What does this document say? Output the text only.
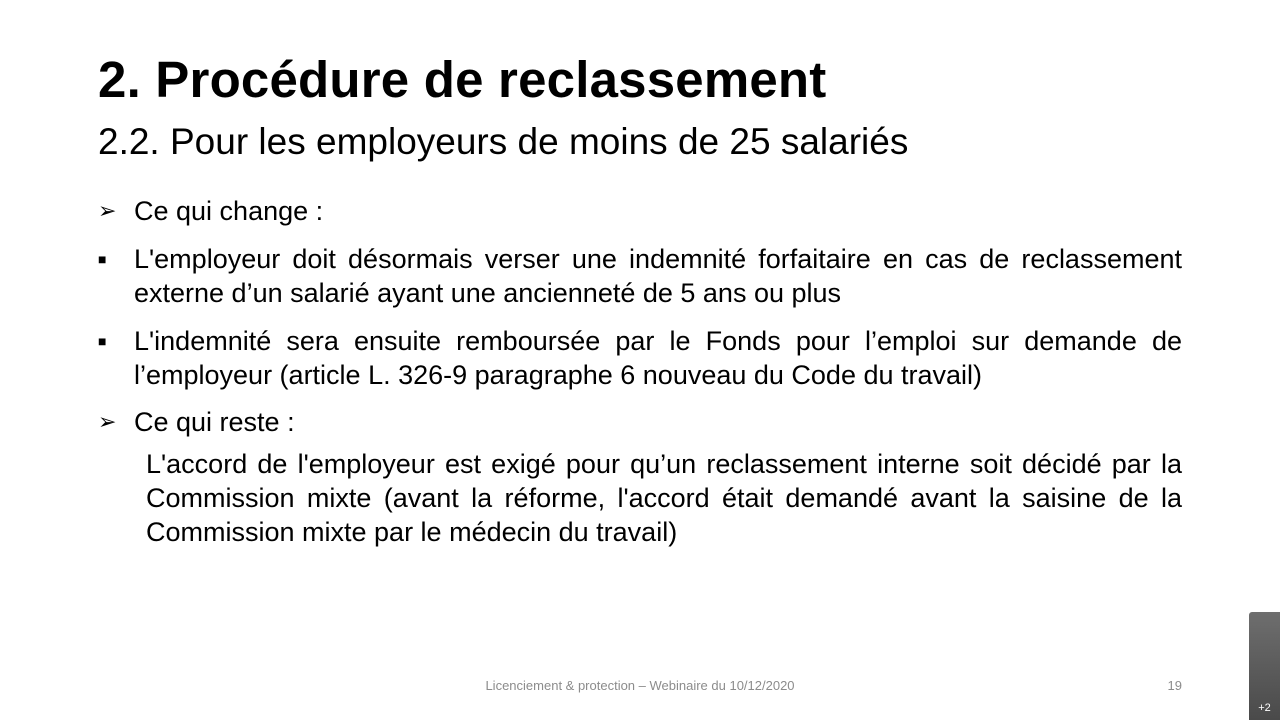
2. Procédure de reclassement
2.2. Pour les employeurs de moins de 25 salariés
➢ Ce qui change :
■	L'employeur doit désormais verser une indemnité forfaitaire en cas de reclassement externe d’un salarié ayant une ancienneté de 5 ans ou plus
■	L'indemnité sera ensuite remboursée par le Fonds pour l’emploi sur demande de l’employeur (article L. 326-9 paragraphe 6 nouveau du Code du travail)
➢ Ce qui reste :
L'accord de l'employeur est exigé pour qu’un reclassement interne soit décidé par la Commission mixte (avant la réforme, l'accord était demandé avant la saisine de la Commission mixte par le médecin du travail)
Licenciement & protection – Webinaire du 10/12/2020	19
+2
